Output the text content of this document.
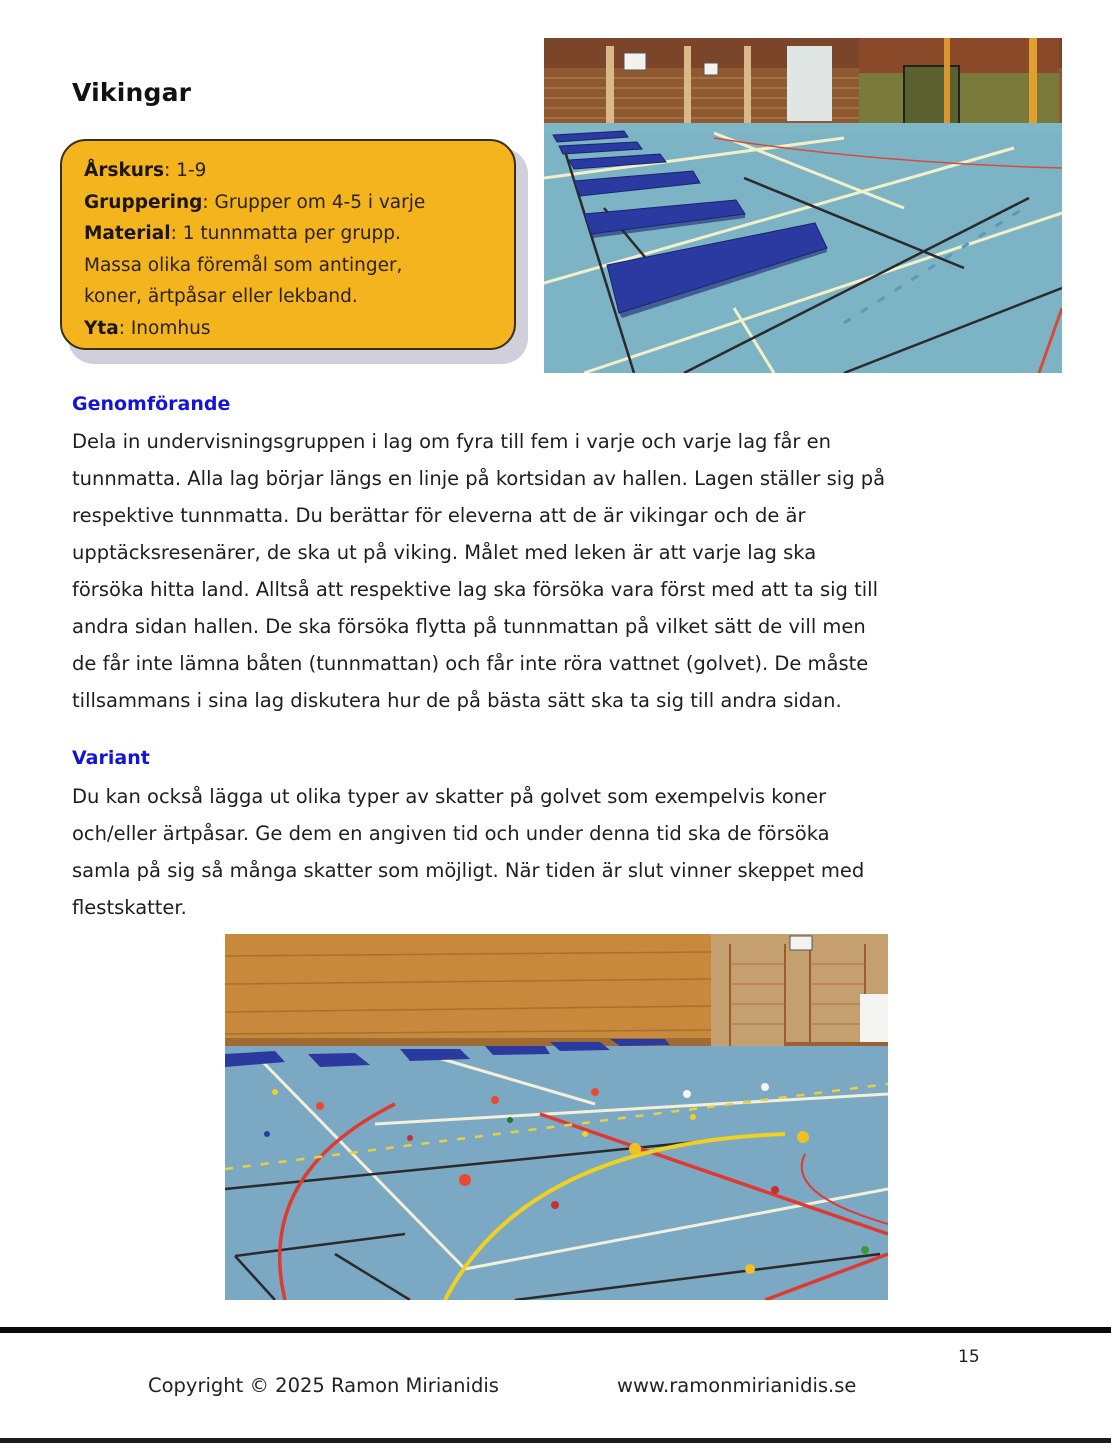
Vikingar
Årskurs: 1-9
Gruppering: Grupper om 4-5 i varje
Material: 1 tunnmatta per grupp.
Massa olika föremål som antinger,
koner, ärtpåsar eller lekband.
Yta: Inomhus
Genomförande
Dela in undervisningsgruppen i lag om fyra till fem i varje och varje lag får en
tunnmatta. Alla lag börjar längs en linje på kortsidan av hallen. Lagen ställer sig på
respektive tunnmatta. Du berättar för eleverna att de är vikingar och de är
upptäcksresenärer, de ska ut på viking. Målet med leken är att varje lag ska
försöka hitta land. Alltså att respektive lag ska försöka vara först med att ta sig till
andra sidan hallen. De ska försöka flytta på tunnmattan på vilket sätt de vill men
de får inte lämna båten (tunnmattan) och får inte röra vattnet (golvet). De måste
tillsammans i sina lag diskutera hur de på bästa sätt ska ta sig till andra sidan.
Variant
Du kan också lägga ut olika typer av skatter på golvet som exempelvis koner
och/eller ärtpåsar. Ge dem en angiven tid och under denna tid ska de försöka
samla på sig så många skatter som möjligt. När tiden är slut vinner skeppet med
flestskatter.
15
Copyright © 2025 Ramon Mirianidis	www.ramonmirianidis.se
